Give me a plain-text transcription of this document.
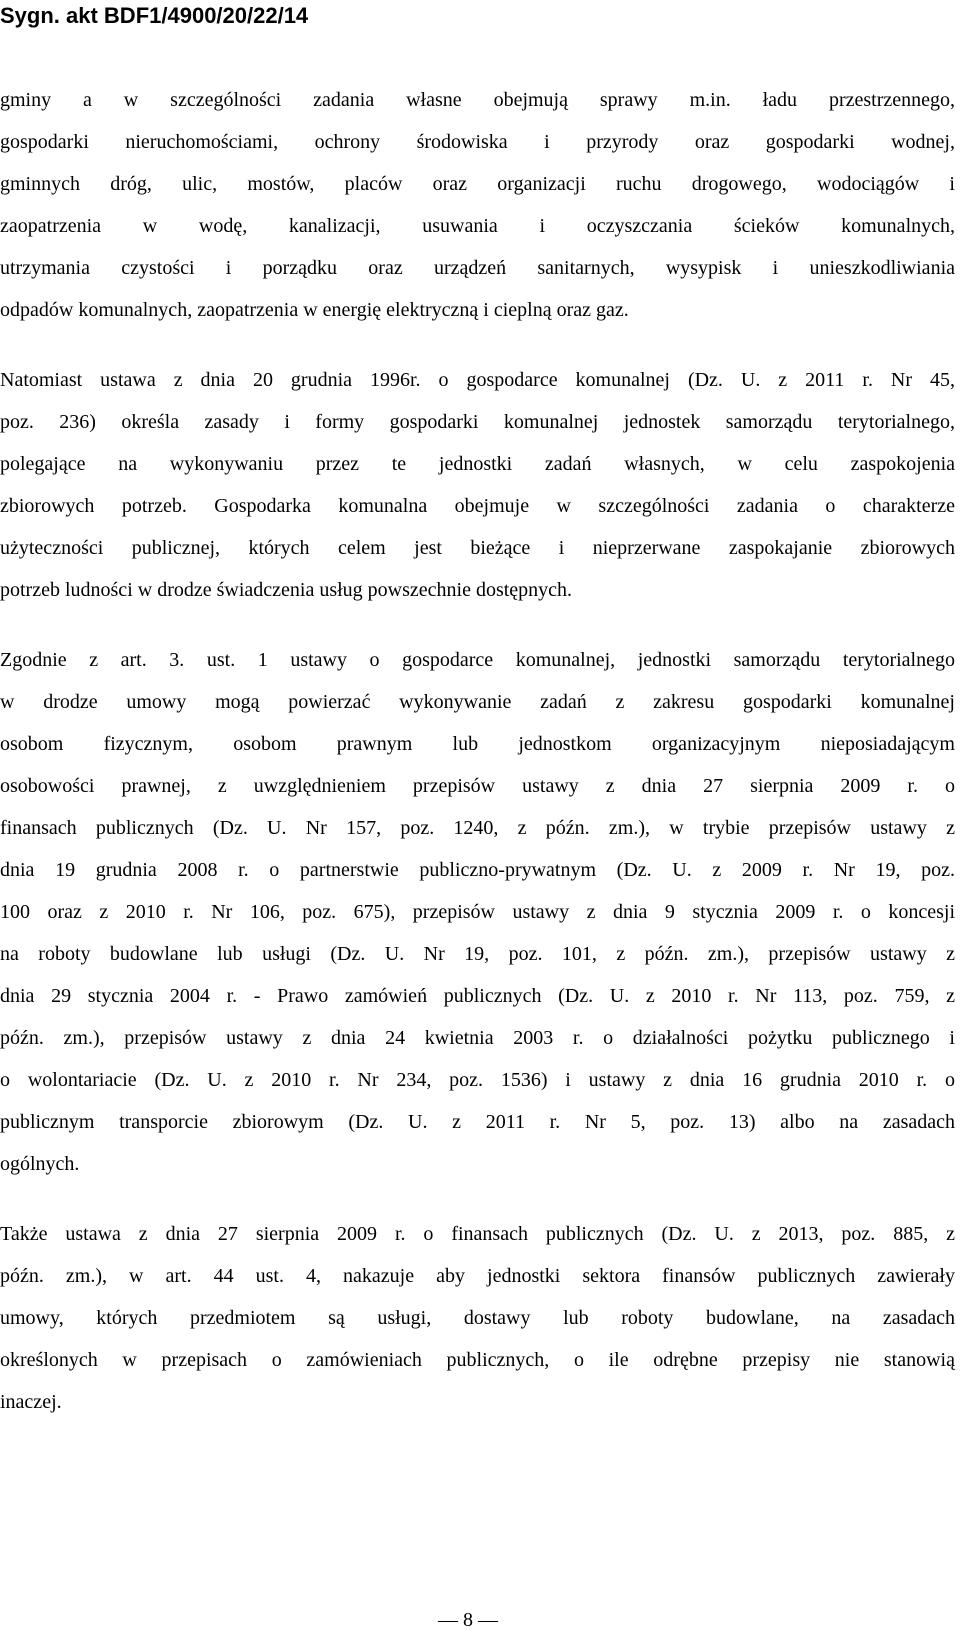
Sygn. akt BDF1/4900/20/22/14
gminy a w szczególności zadania własne obejmują sprawy m.in. ładu przestrzennego,
gospodarki nieruchomościami, ochrony środowiska i przyrody oraz gospodarki wodnej,
gminnych dróg, ulic, mostów, placów oraz organizacji ruchu drogowego, wodociągów i
zaopatrzenia w wodę, kanalizacji, usuwania i oczyszczania ścieków komunalnych,
utrzymania czystości i porządku oraz urządzeń sanitarnych, wysypisk i unieszkodliwiania
odpadów komunalnych, zaopatrzenia w energię elektryczną i cieplną oraz gaz.
Natomiast ustawa z dnia 20 grudnia 1996r. o gospodarce komunalnej (Dz. U. z 2011 r. Nr 45,
poz. 236) określa zasady i formy gospodarki komunalnej jednostek samorządu terytorialnego,
polegające na wykonywaniu przez te jednostki zadań własnych, w celu zaspokojenia
zbiorowych potrzeb. Gospodarka komunalna obejmuje w szczególności zadania o charakterze
użyteczności publicznej, których celem jest bieżące i nieprzerwane zaspokajanie zbiorowych
potrzeb ludności w drodze świadczenia usług powszechnie dostępnych.
Zgodnie z art. 3. ust. 1 ustawy o gospodarce komunalnej, jednostki samorządu terytorialnego
w drodze umowy mogą powierzać wykonywanie zadań z zakresu gospodarki komunalnej
osobom fizycznym, osobom prawnym lub jednostkom organizacyjnym nieposiadającym
osobowości prawnej, z uwzględnieniem przepisów ustawy z dnia 27 sierpnia 2009 r. o
finansach publicznych (Dz. U. Nr 157, poz. 1240, z późn. zm.), w trybie przepisów ustawy z
dnia 19 grudnia 2008 r. o partnerstwie publiczno-prywatnym (Dz. U. z 2009 r. Nr 19, poz.
100 oraz z 2010 r. Nr 106, poz. 675), przepisów ustawy z dnia 9 stycznia 2009 r. o koncesji
na roboty budowlane lub usługi (Dz. U. Nr 19, poz. 101, z późn. zm.), przepisów ustawy z
dnia 29 stycznia 2004 r. - Prawo zamówień publicznych (Dz. U. z 2010 r. Nr 113, poz. 759, z
późn. zm.), przepisów ustawy z dnia 24 kwietnia 2003 r. o działalności pożytku publicznego i
o wolontariacie (Dz. U. z 2010 r. Nr 234, poz. 1536) i ustawy z dnia 16 grudnia 2010 r. o
publicznym transporcie zbiorowym (Dz. U. z 2011 r. Nr 5, poz. 13) albo na zasadach
ogólnych.
Także ustawa z dnia 27 sierpnia 2009 r. o finansach publicznych (Dz. U. z 2013, poz. 885, z
późn. zm.), w art. 44 ust. 4, nakazuje aby jednostki sektora finansów publicznych zawierały
umowy, których przedmiotem są usługi, dostawy lub roboty budowlane, na zasadach
określonych w przepisach o zamówieniach publicznych, o ile odrębne przepisy nie stanowią
inaczej.
— 8 —
